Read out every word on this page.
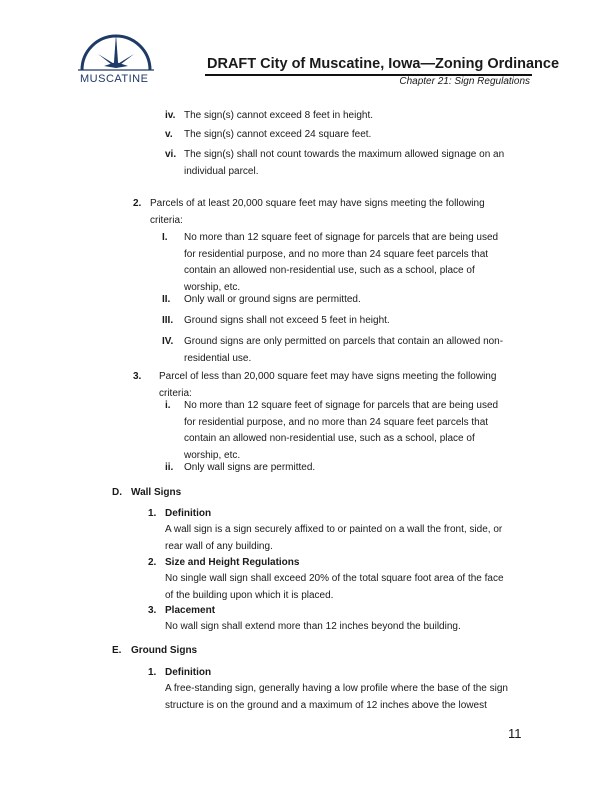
MUSCATINE
DRAFT City of Muscatine, Iowa—Zoning Ordinance
Chapter 21: Sign Regulations
iv. The sign(s) cannot exceed 8 feet in height.
v. The sign(s) cannot exceed 24 square feet.
vi. The sign(s) shall not count towards the maximum allowed signage on an
individual parcel.
2. Parcels of at least 20,000 square feet may have signs meeting the following
criteria:
I. No more than 12 square feet of signage for parcels that are being used
for residential purpose, and no more than 24 square feet parcels that
contain an allowed non-residential use, such as a school, place of
worship, etc.
II. Only wall or ground signs are permitted.
III. Ground signs shall not exceed 5 feet in height.
IV. Ground signs are only permitted on parcels that contain an allowed non-
residential use.
3. Parcel of less than 20,000 square feet may have signs meeting the following
criteria:
i. No more than 12 square feet of signage for parcels that are being used
for residential purpose, and no more than 24 square feet parcels that
contain an allowed non-residential use, such as a school, place of
worship, etc.
ii. Only wall signs are permitted.
D. Wall Signs
1. Definition
A wall sign is a sign securely affixed to or painted on a wall the front, side, or
rear wall of any building.
2. Size and Height Regulations
No single wall sign shall exceed 20% of the total square foot area of the face
of the building upon which it is placed.
3. Placement
No wall sign shall extend more than 12 inches beyond the building.
E. Ground Signs
1. Definition
A free-standing sign, generally having a low profile where the base of the sign
structure is on the ground and a maximum of 12 inches above the lowest
11
